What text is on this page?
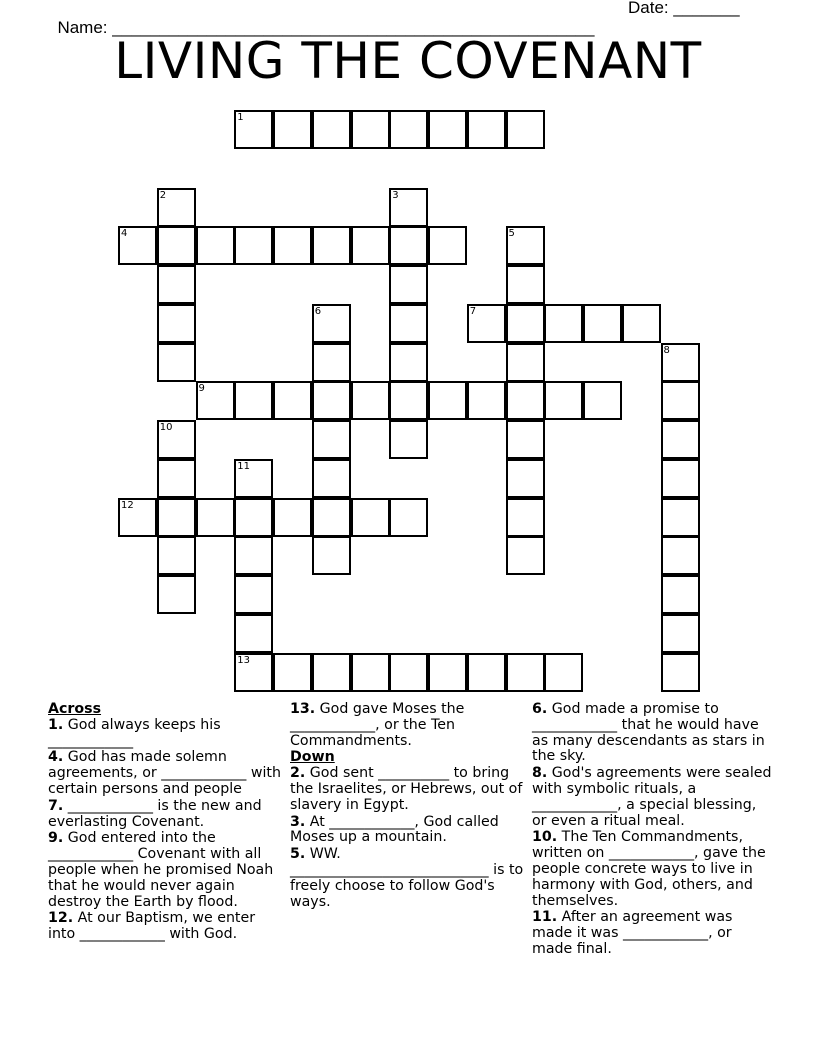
Name: ___________________________________________________

Date: _______

LIVING THE COVENANT
1
4
7
9
12
13
2	3
5
6
8
10
11
Across
1. God always keeps his ____________
4. God has made solemn agreements, or ____________ with certain persons and people
7. ____________ is the new and everlasting Covenant.
9. God entered into the ____________ Covenant with all people when he promised Noah that he would never again destroy the Earth by flood.
12. At our Baptism, we enter into ____________ with God.
13. God gave Moses the ____________, or the Ten Commandments.
Down
2. God sent __________ to bring the Israelites, or Hebrews, out of slavery in Egypt.
3. At ____________, God called Moses up a mountain.
5. WW. ____________________________ is to freely choose to follow God's ways.
6. God made a promise to ____________ that he would have as many descendants as stars in the sky.
8. God's agreements were sealed with symbolic rituals, a ____________, a special blessing, or even a ritual meal.
10. The Ten Commandments, written on ____________, gave the people concrete ways to live in harmony with God, others, and themselves.
11. After an agreement was made it was ____________, or made final.
